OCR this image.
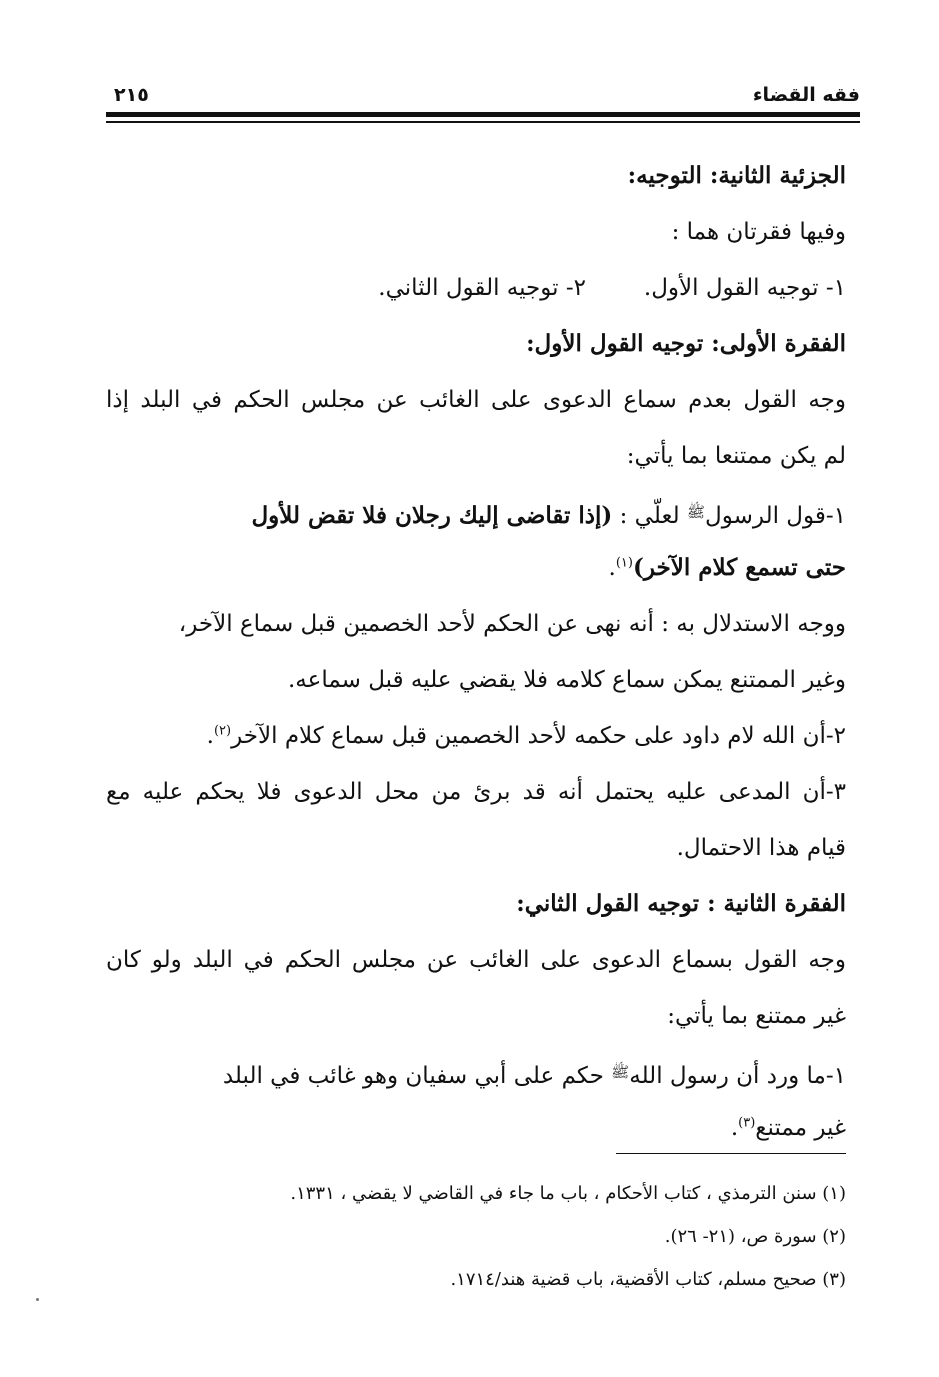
فقه القضاء
٢١٥
الجزئية الثانية: التوجيه:
وفيها فقرتان هما :
١- توجيه القول الأول.
٢- توجيه القول الثاني.
الفقرة الأولى: توجيه القول الأول:
وجه القول بعدم سماع الدعوى على الغائب عن مجلس الحكم في البلد إذا
لم يكن ممتنعا بما يأتي:
١-قول الرسول$^ﷺ$ لعلّي : (إذا تقاضى إليك رجلان فلا تقض للأول
حتى تسمع كلام الآخر)$^{(١)}$.
ووجه الاستدلال به : أنه نهى عن الحكم لأحد الخصمين قبل سماع الآخر،
وغير الممتنع يمكن سماع كلامه فلا يقضي عليه قبل سماعه.
٢-أن الله لام داود على حكمه لأحد الخصمين قبل سماع كلام الآخر$^{(٢)}$.
٣-أن المدعى عليه يحتمل أنه قد برئ من محل الدعوى فلا يحكم عليه مع
قيام هذا الاحتمال.
الفقرة الثانية : توجيه القول الثاني:
وجه القول بسماع الدعوى على الغائب عن مجلس الحكم في البلد ولو كان
غير ممتنع بما يأتي:
١-ما ورد أن رسول الله$^ﷺ$ حكم على أبي سفيان وهو غائب في البلد
غير ممتنع$^{(٣)}$.
(١) سنن الترمذي ، كتاب الأحكام ، باب ما جاء في القاضي لا يقضي ، ١٣٣١.
(٢) سورة ص، (٢١- ٢٦).
(٣) صحيح مسلم، كتاب الأقضية، باب قضية هند/١٧١٤.
